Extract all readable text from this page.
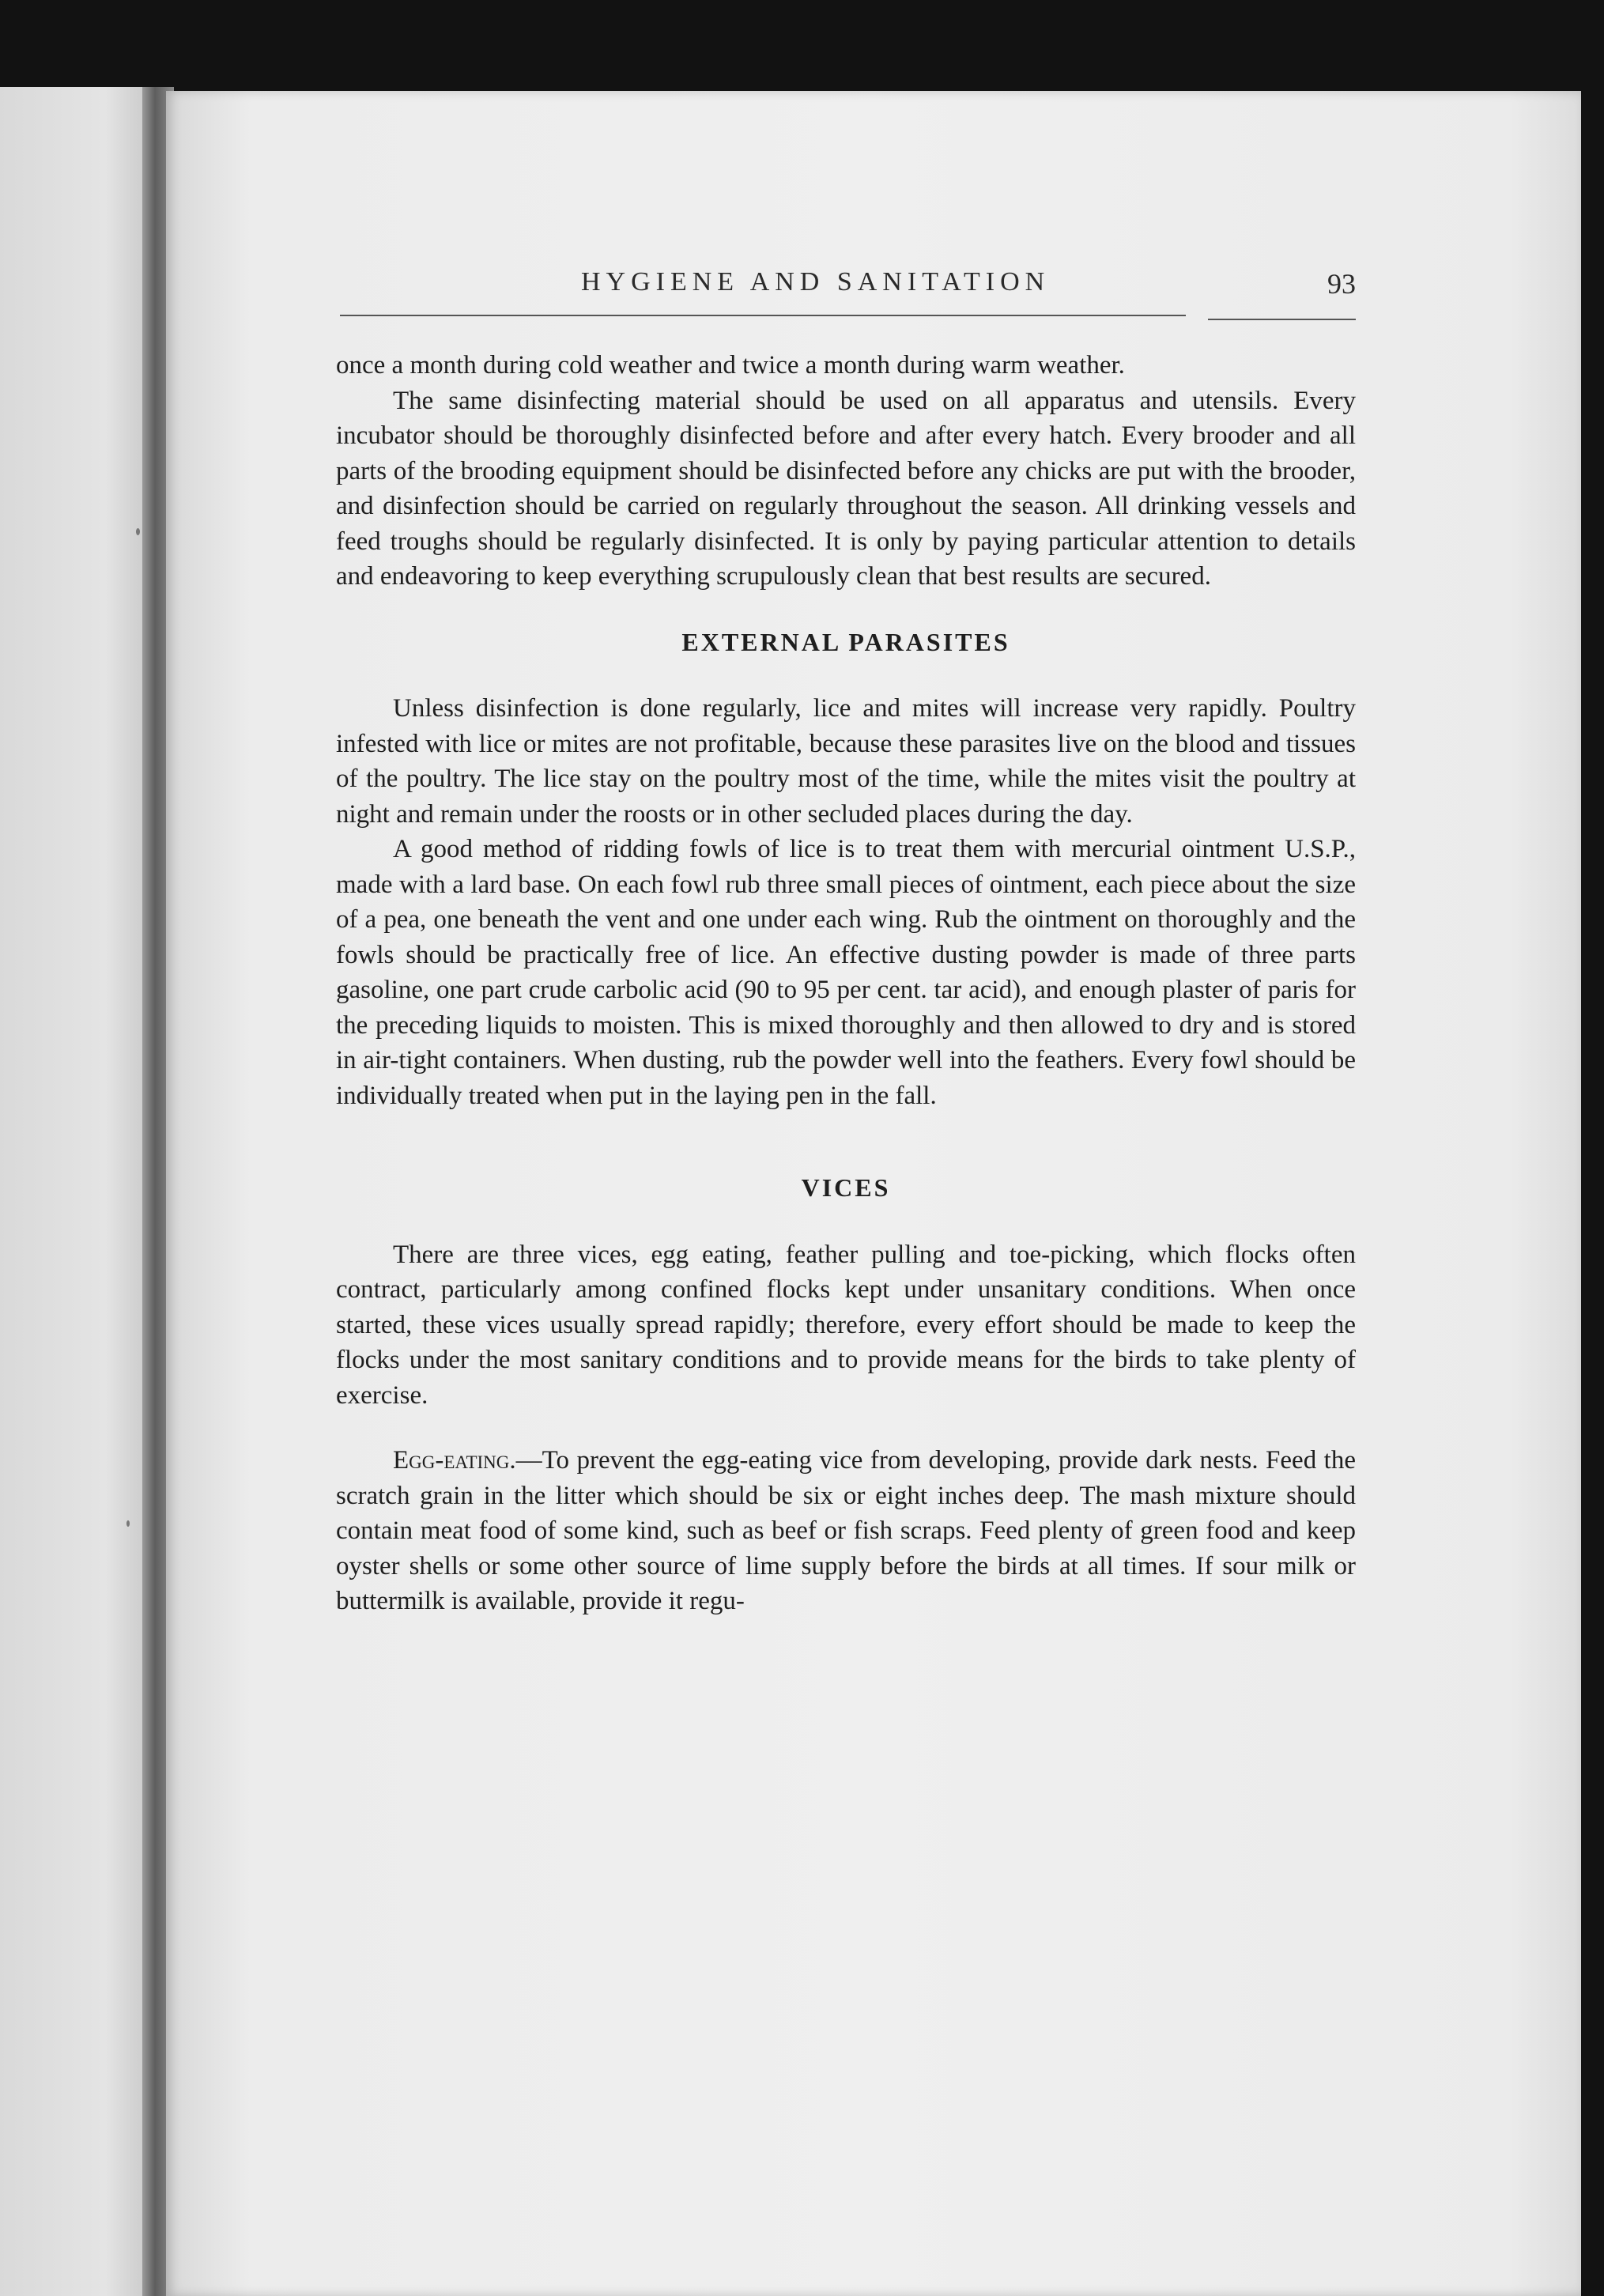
HYGIENE AND SANITATION	93

once a month during cold weather and twice a month during warm weather.

The same disinfecting material should be used on all apparatus and utensils. Every incubator should be thoroughly disinfected before and after every hatch. Every brooder and all parts of the brooding equipment should be disinfected before any chicks are put with the brooder, and disinfection should be carried on regularly throughout the season. All drinking vessels and feed troughs should be regularly disinfected. It is only by paying particular attention to details and endeavoring to keep everything scrupulously clean that best results are secured.

EXTERNAL PARASITES

Unless disinfection is done regularly, lice and mites will increase very rapidly. Poultry infested with lice or mites are not profitable, because these parasites live on the blood and tissues of the poultry. The lice stay on the poultry most of the time, while the mites visit the poultry at night and remain under the roosts or in other secluded places during the day.

A good method of ridding fowls of lice is to treat them with mercurial ointment U.S.P., made with a lard base. On each fowl rub three small pieces of ointment, each piece about the size of a pea, one beneath the vent and one under each wing. Rub the ointment on thoroughly and the fowls should be practically free of lice. An effective dusting powder is made of three parts gasoline, one part crude carbolic acid (90 to 95 per cent. tar acid), and enough plaster of paris for the preceding liquids to moisten. This is mixed thoroughly and then allowed to dry and is stored in air-tight containers. When dusting, rub the powder well into the feathers. Every fowl should be individually treated when put in the laying pen in the fall.

VICES

There are three vices, egg eating, feather pulling and toe-picking, which flocks often contract, particularly among confined flocks kept under unsanitary conditions. When once started, these vices usually spread rapidly; therefore, every effort should be made to keep the flocks under the most sanitary conditions and to provide means for the birds to take plenty of exercise.

Egg-eating.—To prevent the egg-eating vice from developing, provide dark nests. Feed the scratch grain in the litter which should be six or eight inches deep. The mash mixture should contain meat food of some kind, such as beef or fish scraps. Feed plenty of green food and keep oyster shells or some other source of lime supply before the birds at all times. If sour milk or buttermilk is available, provide it regu-
